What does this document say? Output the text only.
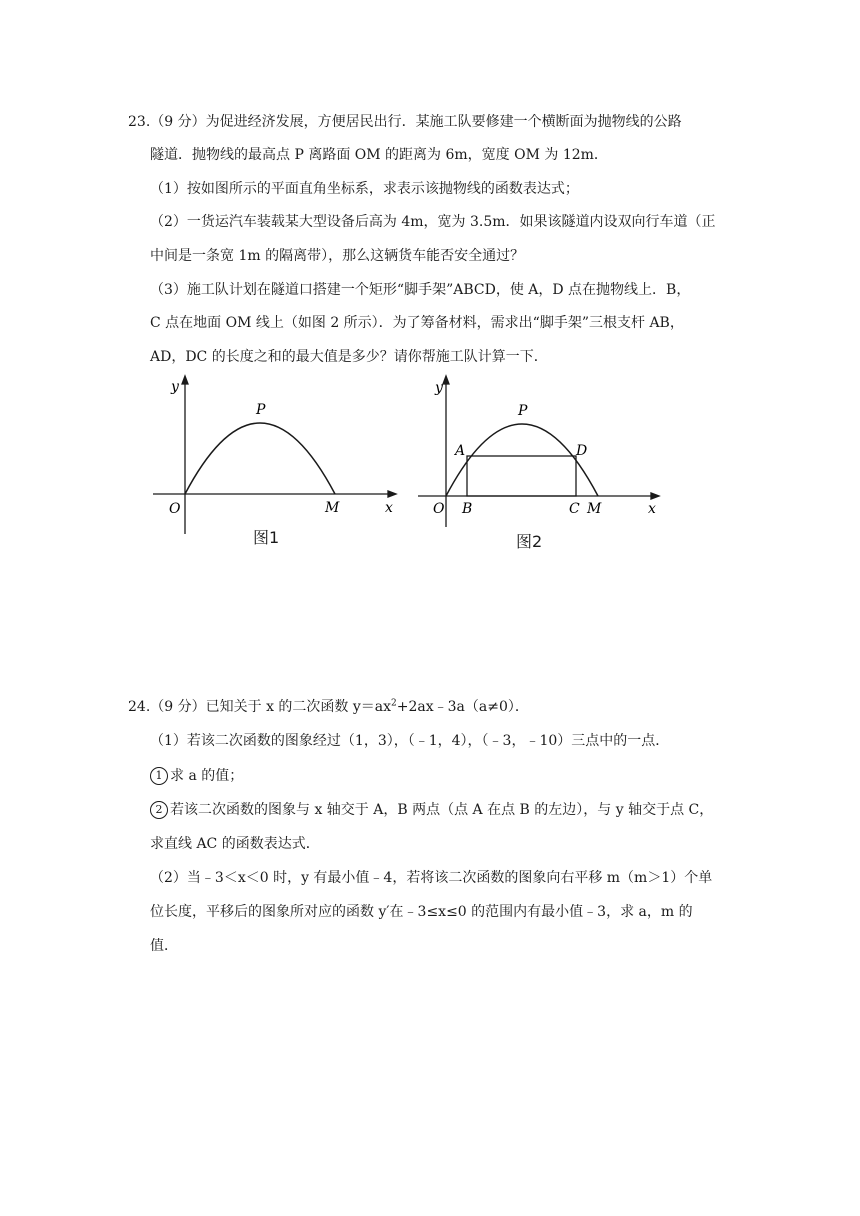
23.（9 分）为促进经济发展，方便居民出行．某施工队要修建一个横断面为抛物线的公路
隧道．抛物线的最高点 P 离路面 OM 的距离为 6m，宽度 OM 为 12m．
（1）按如图所示的平面直角坐标系，求表示该抛物线的函数表达式；
（2）一货运汽车装载某大型设备后高为 4m，宽为 3.5m．如果该隧道内设双向行车道（正
中间是一条宽 1m 的隔离带），那么这辆货车能否安全通过？
（3）施工队计划在隧道口搭建一个矩形“脚手架”ABCD，使 A，D 点在抛物线上．B，
C 点在地面 OM 线上（如图 2 所示）．为了筹备材料，需求出“脚手架”三根支杆 AB，
AD，DC 的长度之和的最大值是多少？请你帮施工队计算一下．
y
x
O
P
M
图1
y
x
O
P
M
A
B	C
D
图2
24.（9 分）已知关于 x 的二次函数 $y=ax^2+2ax﹣3a(a\ne 0)$．
（1）若该二次函数的图象经过（1，3），（﹣1，4），（﹣3，﹣10）三点中的一点．
1 求 a 的值；
2 若该二次函数的图象与 x 轴交于 A，B 两点（点 A 在点 B 的左边），与 y 轴交于点 C，
求直线 AC 的函数表达式．
（2）当﹣3＜x＜0 时，y 有最小值﹣4，若将该二次函数的图象向右平移 m（m＞1）个单
位长度，平移后的图象所对应的函数 y′在﹣3≤x≤0 的范围内有最小值﹣3，求 a，m 的
值．
